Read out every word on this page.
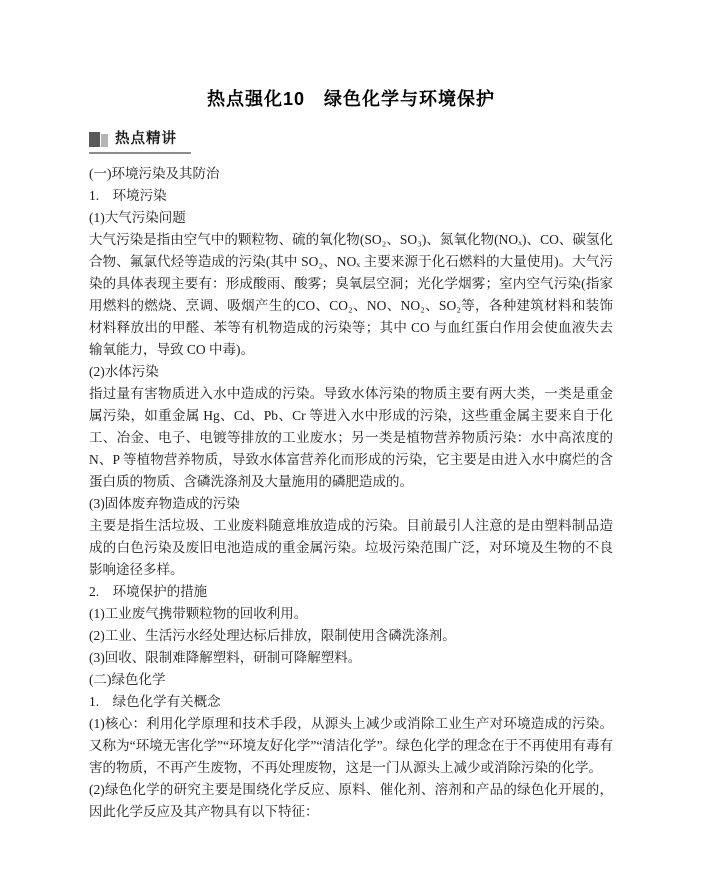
热点强化10　绿色化学与环境保护
热点精讲

(一)环境污染及其防治

1.　环境污染

(1)大气污染问题

大气污染是指由空气中的颗粒物、硫的氧化物(SO₂、SO₃)、氮氧化物(NOₓ)、CO、碳氢化合物、氟氯代烃等造成的污染(其中 SO₂、NOₓ 主要来源于化石燃料的大量使用)。大气污染的具体表现主要有：形成酸雨、酸雾；臭氧层空洞；光化学烟雾；室内空气污染(指家用燃料的燃烧、烹调、吸烟产生的CO、CO₂、NO、NO₂、SO₂等，各种建筑材料和装饰材料释放出的甲醛、苯等有机物造成的污染等；其中 CO 与血红蛋白作用会使血液失去输氧能力，导致 CO 中毒)。

(2)水体污染

指过量有害物质进入水中造成的污染。导致水体污染的物质主要有两大类，一类是重金属污染，如重金属 Hg、Cd、Pb、Cr 等进入水中形成的污染，这些重金属主要来自于化工、冶金、电子、电镀等排放的工业废水；另一类是植物营养物质污染：水中高浓度的 N、P 等植物营养物质，导致水体富营养化而形成的污染，它主要是由进入水中腐烂的含蛋白质的物质、含磷洗涤剂及大量施用的磷肥造成的。

(3)固体废弃物造成的污染

主要是指生活垃圾、工业废料随意堆放造成的污染。目前最引人注意的是由塑料制品造成的白色污染及废旧电池造成的重金属污染。垃圾污染范围广泛，对环境及生物的不良影响途径多样。

2.　环境保护的措施

(1)工业废气携带颗粒物的回收利用。

(2)工业、生活污水经处理达标后排放，限制使用含磷洗涤剂。

(3)回收、限制难降解塑料，研制可降解塑料。

(二)绿色化学

1.　绿色化学有关概念

(1)核心：利用化学原理和技术手段，从源头上减少或消除工业生产对环境造成的污染。又称为“环境无害化学”“环境友好化学”“清洁化学”。绿色化学的理念在于不再使用有毒有害的物质，不再产生废物，不再处理废物，这是一门从源头上减少或消除污染的化学。

(2)绿色化学的研究主要是围绕化学反应、原料、催化剂、溶剂和产品的绿色化开展的，因此化学反应及其产物具有以下特征：
